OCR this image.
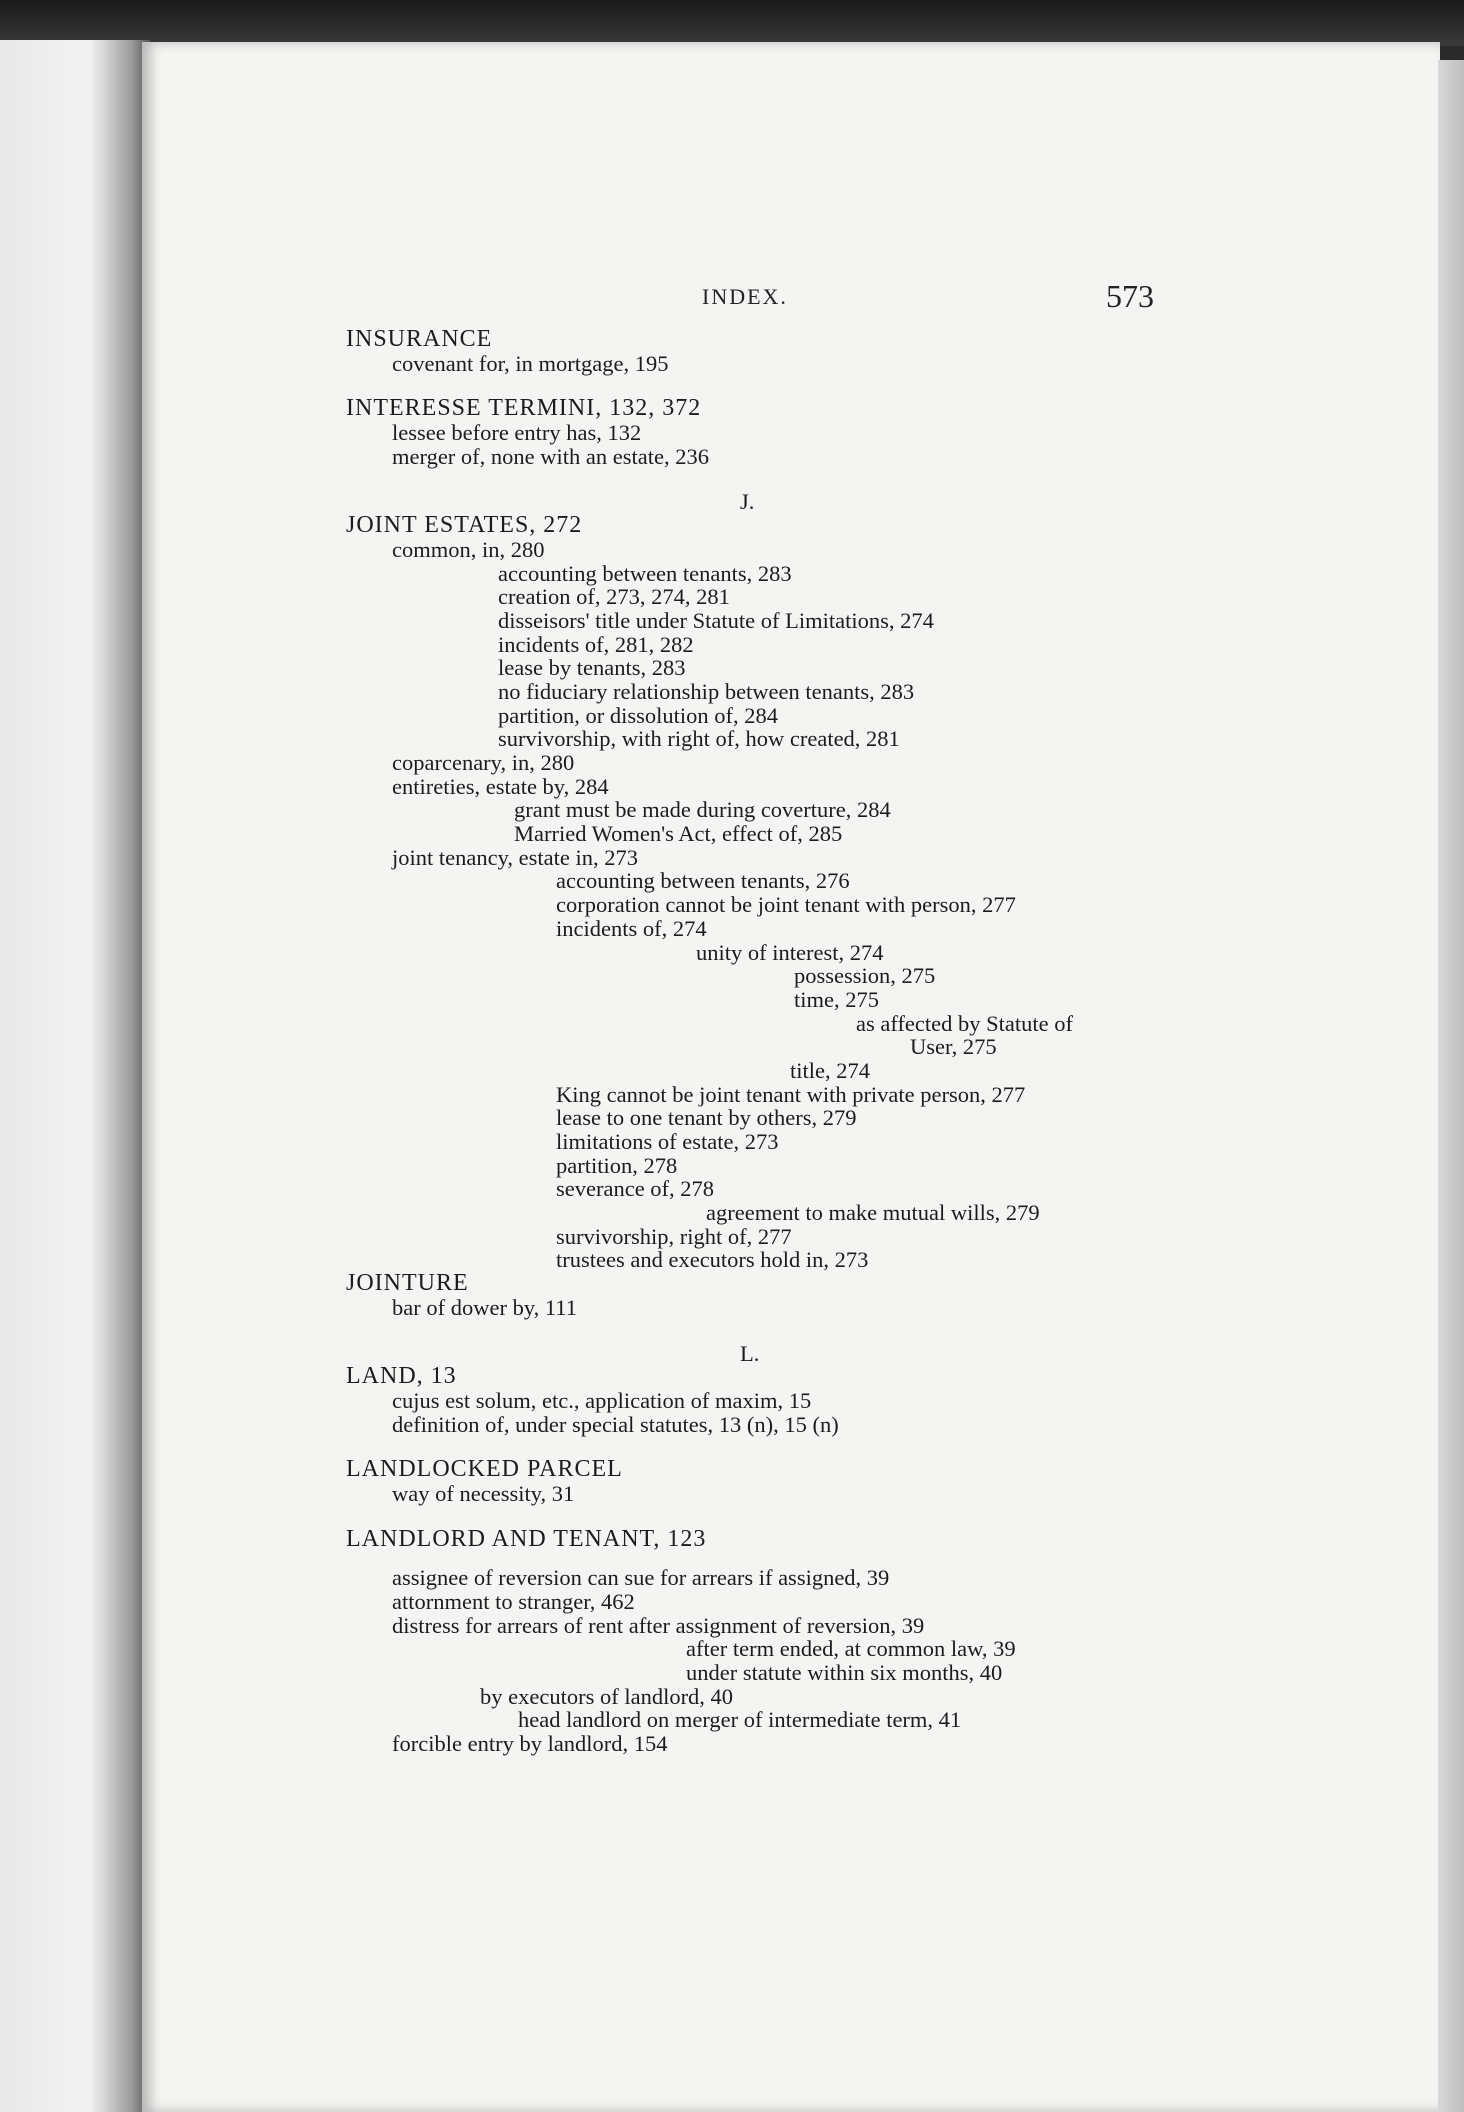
INDEX.	573
INSURANCE
covenant for, in mortgage, 195
INTERESSE TERMINI, 132, 372
lessee before entry has, 132
merger of, none with an estate, 236
J.
JOINT ESTATES, 272
common, in, 280
accounting between tenants, 283
creation of, 273, 274, 281
disseisors' title under Statute of Limitations, 274
incidents of, 281, 282
lease by tenants, 283
no fiduciary relationship between tenants, 283
partition, or dissolution of, 284
survivorship, with right of, how created, 281
coparcenary, in, 280
entireties, estate by, 284
grant must be made during coverture, 284
Married Women's Act, effect of, 285
joint tenancy, estate in, 273
accounting between tenants, 276
corporation cannot be joint tenant with person, 277
incidents of, 274
unity of interest, 274
possession, 275
time, 275
as affected by Statute of
User, 275
title, 274
King cannot be joint tenant with private person, 277
lease to one tenant by others, 279
limitations of estate, 273
partition, 278
severance of, 278
agreement to make mutual wills, 279
survivorship, right of, 277
trustees and executors hold in, 273
JOINTURE
bar of dower by, 111
L.
LAND, 13
cujus est solum, etc., application of maxim, 15
definition of, under special statutes, 13 (n), 15 (n)
LANDLOCKED PARCEL
way of necessity, 31
LANDLORD AND TENANT, 123
assignee of reversion can sue for arrears if assigned, 39
attornment to stranger, 462
distress for arrears of rent after assignment of reversion, 39
after term ended, at common law, 39
under statute within six months, 40
by executors of landlord, 40
head landlord on merger of intermediate term, 41
forcible entry by landlord, 154
